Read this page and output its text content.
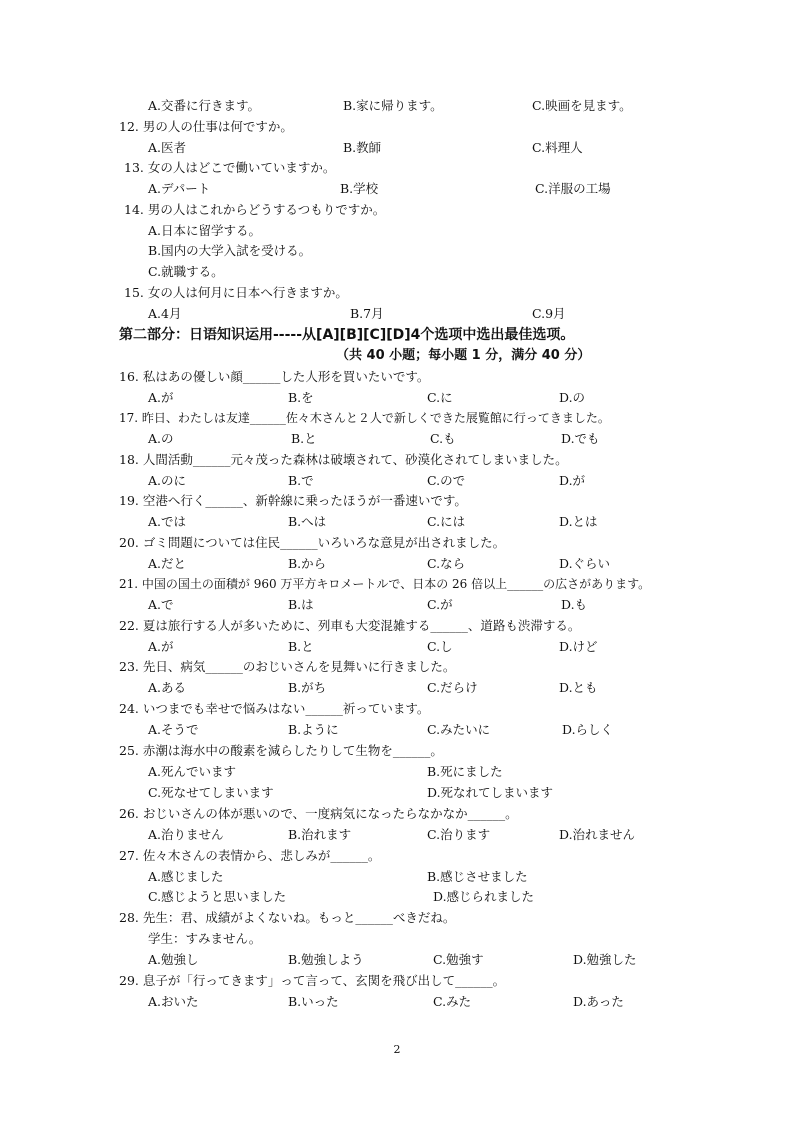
A.交番に行きます。	B.家に帰ります。	C.映画を見ます。
12. 男の人の仕事は何ですか。
A.医者	B.教師	C.料理人
13. 女の人はどこで働いていますか。
A.デパート	B.学校	C.洋服の工場
14. 男の人はこれからどうするつもりですか。
A.日本に留学する。
B.国内の大学入試を受ける。
C.就職する。
15. 女の人は何月に日本へ行きますか。
A.4月	B.7月	C.9月
第二部分：日语知识运用-----从[A][B][C][D]4个选项中选出最佳选项。
（共 40 小题；每小题 1 分，满分 40 分）
16. 私はあの優しい顔______した人形を買いたいです。
A.が	B.を	C.に	D.の
17. 昨日、わたしは友達______佐々木さんと２人で新しくできた展覧館に行ってきました。
A.の	B.と	C.も	D.でも
18. 人間活動______元々茂った森林は破壊されて、砂漠化されてしまいました。
A.のに	B.で	C.ので	D.が
19. 空港へ行く______、新幹線に乗ったほうが一番速いです。
A.では	B.へは	C.には	D.とは
20. ゴミ問題については住民______いろいろな意見が出されました。
A.だと	B.から	C.なら	D.ぐらい
21. 中国の国土の面積が 960 万平方キロメートルで、日本の 26 倍以上______の広さがあります。
A.で	B.は	C.が	D.も
22. 夏は旅行する人が多いために、列車も大変混雑する______、道路も渋滞する。
A.が	B.と	C.し	D.けど
23. 先日、病気______のおじいさんを見舞いに行きました。
A.ある	B.がち	C.だらけ	D.とも
24. いつまでも幸せで悩みはない______祈っています。
A.そうで	B.ように	C.みたいに	D.らしく
25. 赤潮は海水中の酸素を減らしたりして生物を______。
A.死んでいます	B.死にました
C.死なせてしまいます	D.死なれてしまいます
26. おじいさんの体が悪いので、一度病気になったらなかなか______。
A.治りません	B.治れます	C.治ります	D.治れません
27. 佐々木さんの表情から、悲しみが______。
A.感じました	B.感じさせました
C.感じようと思いました	D.感じられました
28. 先生：君、成績がよくないね。もっと______べきだね。
学生：すみません。
A.勉強し	B.勉強しよう	C.勉強す	D.勉強した
29. 息子が「行ってきます」って言って、玄関を飛び出して______。
A.おいた	B.いった	C.みた	D.あった
2
